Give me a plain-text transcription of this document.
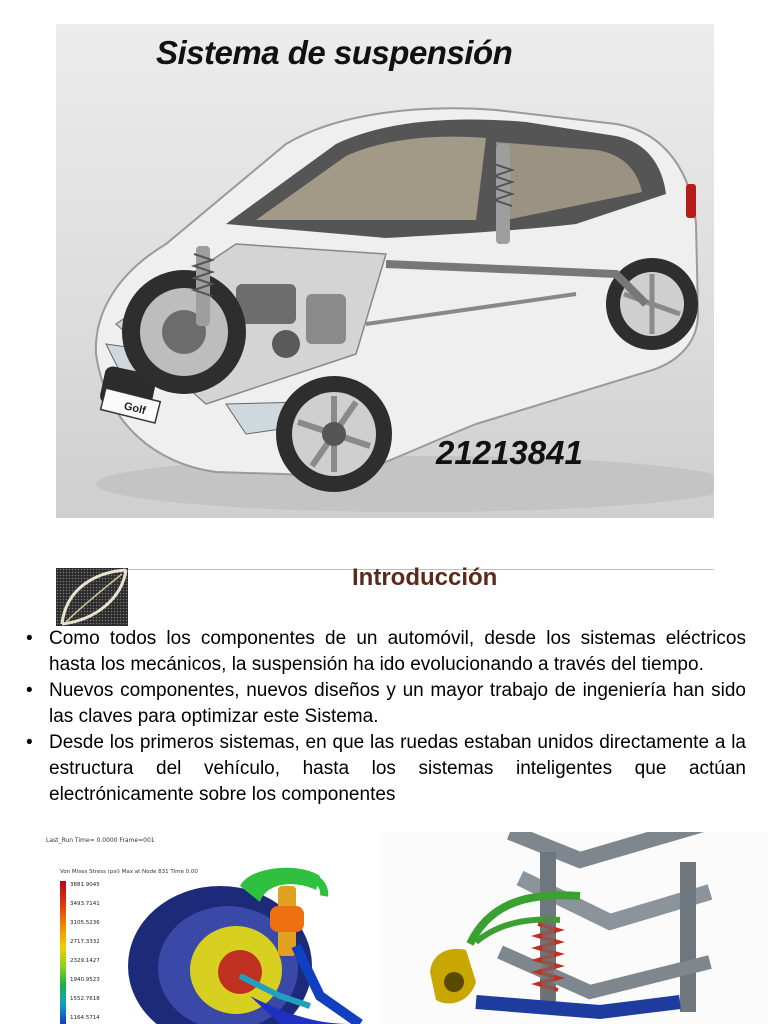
Golf
Sistema de suspensión
21213841
Introducción
• Como todos los componentes de un automóvil, desde los sistemas eléctricos hasta los mecánicos, la suspensión ha ido evolucionando a través del tiempo.
• Nuevos componentes, nuevos diseños y un mayor trabajo de ingeniería han sido las claves para optimizar este Sistema.
• Desde los primeros sistemas, en que las ruedas estaban unidos directamente a la estructura del vehículo, hasta los sistemas inteligentes que actúan electrónicamente sobre los componentes
Last_Run Time= 0.0000 Frame=001
Von Mises Stress (psi) Max at Node 831 Time 0.00
3881.9045
3493.7141
3105.5236
2717.3332
2329.1427
1940.9523
1552.7618
1164.5714
